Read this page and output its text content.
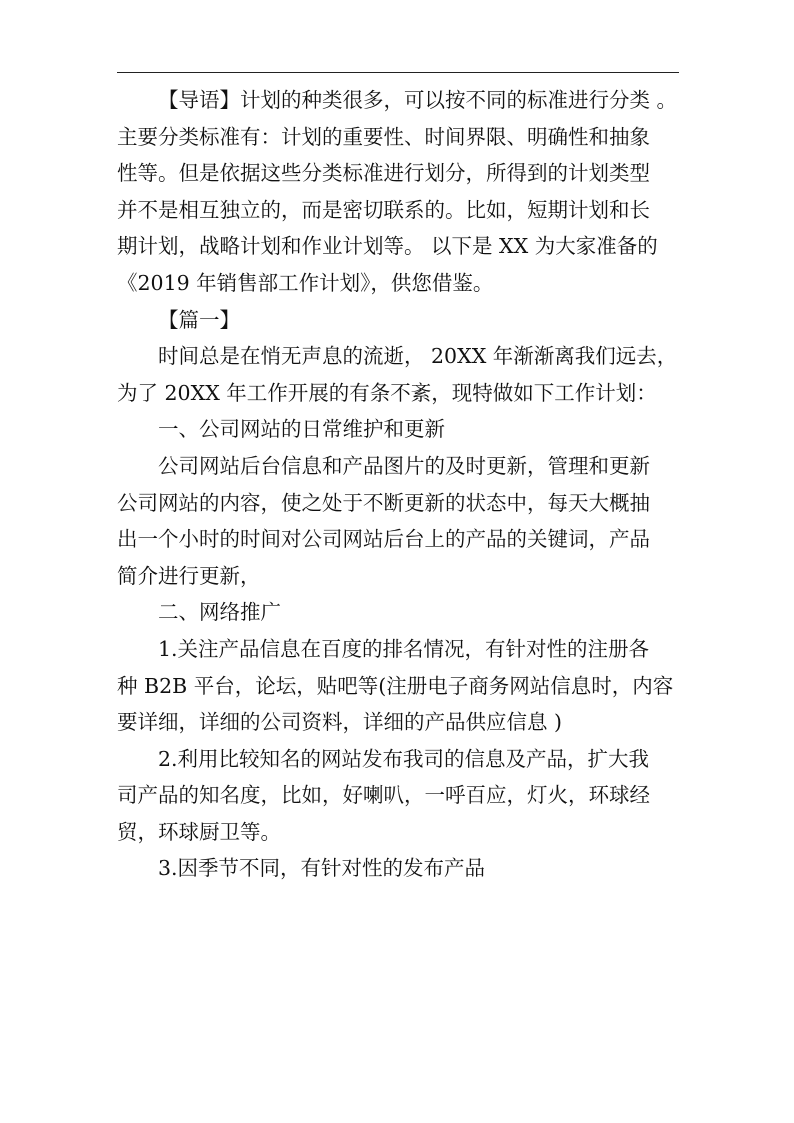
【导语】计划的种类很多，可以按不同的标准进行分类 。
主要分类标准有：计划的重要性、时间界限、明确性和抽象
性等。但是依据这些分类标准进行划分，所得到的计划类型
并不是相互独立的，而是密切联系的。比如，短期计划和长
期计划，战略计划和作业计划等。 以下是 XX 为大家准备的
《2019 年销售部工作计划》，供您借鉴。
【篇一】
时间总是在悄无声息的流逝， 20XX 年渐渐离我们远去，
为了 20XX 年工作开展的有条不紊，现特做如下工作计划：
一、公司网站的日常维护和更新
公司网站后台信息和产品图片的及时更新，管理和更新
公司网站的内容，使之处于不断更新的状态中，每天大概抽
出一个小时的时间对公司网站后台上的产品的关键词，产品
简介进行更新，
二、网络推广
1.关注产品信息在百度的排名情况，有针对性的注册各
种 B2B 平台，论坛，贴吧等(注册电子商务网站信息时，内容
要详细，详细的公司资料，详细的产品供应信息 )
2.利用比较知名的网站发布我司的信息及产品，扩大我
司产品的知名度，比如，好喇叭，一呼百应，灯火，环球经
贸，环球厨卫等。
3.因季节不同，有针对性的发布产品
